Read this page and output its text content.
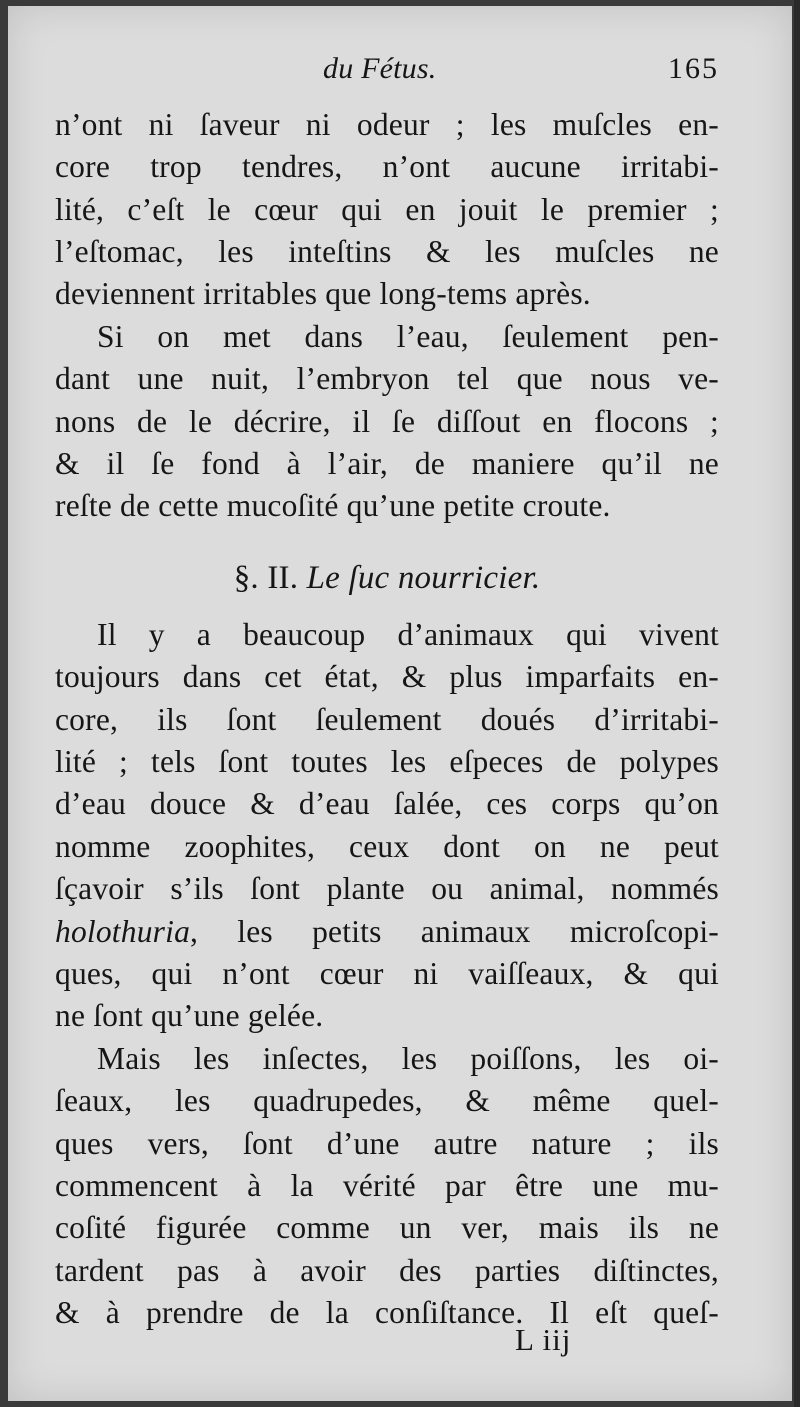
du Fétus.	165
n’ont ni ſaveur ni odeur ; les muſcles en-
core trop tendres, n’ont aucune irritabi-
lité, c’eſt le cœur qui en jouit le premier ;
l’eſtomac, les inteſtins & les muſcles ne
deviennent irritables que long-tems après.
Si on met dans l’eau, ſeulement pen-
dant une nuit, l’embryon tel que nous ve-
nons de le décrire, il ſe diſſout en flocons ;
& il ſe fond à l’air, de maniere qu’il ne
reſte de cette mucoſité qu’une petite croute.
§. II. Le ſuc nourricier.
Il y a beaucoup d’animaux qui vivent
toujours dans cet état, & plus imparfaits en-
core, ils ſont ſeulement doués d’irritabi-
lité ; tels ſont toutes les eſpeces de polypes
d’eau douce & d’eau ſalée, ces corps qu’on
nomme zoophites, ceux dont on ne peut
ſçavoir s’ils ſont plante ou animal, nommés
holothuria, les petits animaux microſcopi-
ques, qui n’ont cœur ni vaiſſeaux, & qui
ne ſont qu’une gelée.
Mais les inſectes, les poiſſons, les oi-
ſeaux, les quadrupedes, & même quel-
ques vers, ſont d’une autre nature ; ils
commencent à la vérité par être une mu-
coſité figurée comme un ver, mais ils ne
tardent pas à avoir des parties diſtinctes,
& à prendre de la conſiſtance. Il eſt queſ-
L iij
